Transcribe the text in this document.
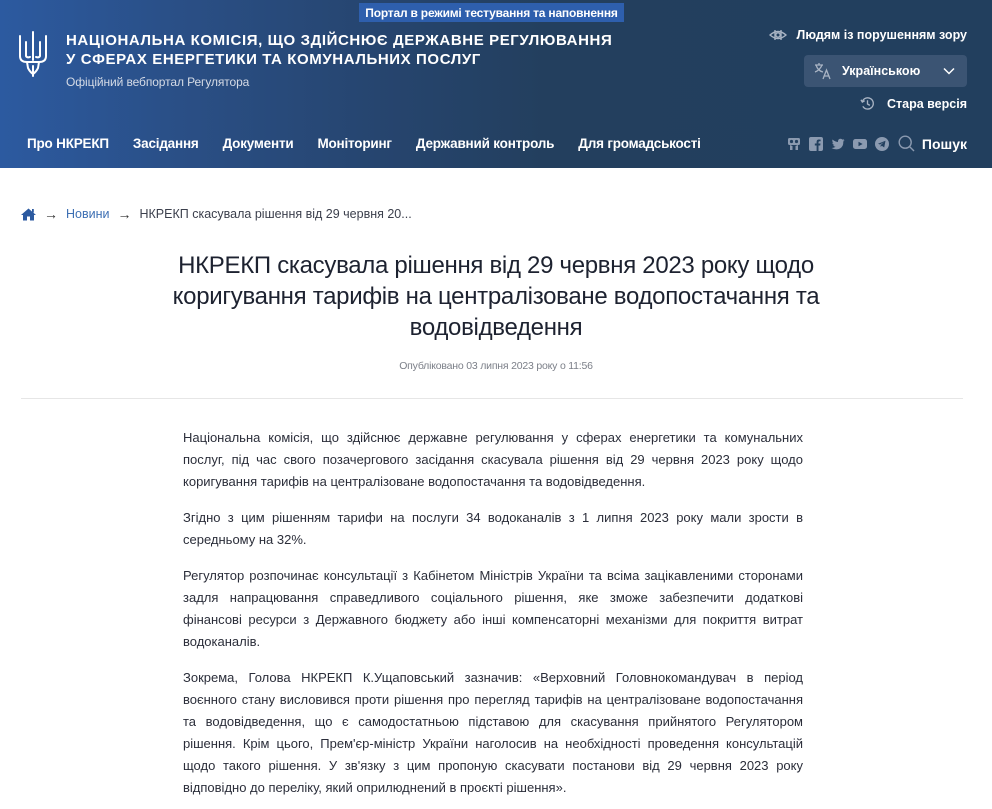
Портал в режимі тестування та наповнення
НАЦІОНАЛЬНА КОМІСІЯ, ЩО ЗДІЙСНЮЄ ДЕРЖАВНЕ РЕГУЛЮВАННЯ У СФЕРАХ ЕНЕРГЕТИКИ ТА КОМУНАЛЬНИХ ПОСЛУГ
Офіційний вебпортал Регулятора
Людям із порушенням зору
Українською
Стара версія
Про НКРЕКП Засідання Документи Моніторинг Державний контроль Для громадськості	Пошук
→ Новини → НКРЕКП скасувала рішення від 29 червня 20...
НКРЕКП скасувала рішення від 29 червня 2023 року щодо коригування тарифів на централізоване водопостачання та водовідведення
Опубліковано 03 липня 2023 року о 11:56

Національна комісія, що здійснює державне регулювання у сферах енергетики та комунальних послуг, під час свого позачергового засідання скасувала рішення від 29 червня 2023 року щодо коригування тарифів на централізоване водопостачання та водовідведення.

Згідно з цим рішенням тарифи на послуги 34 водоканалів з 1 липня 2023 року мали зрости в середньому на 32%.

Регулятор розпочинає консультації з Кабінетом Міністрів України та всіма зацікавленими сторонами задля напрацювання справедливого соціального рішення, яке зможе забезпечити додаткові фінансові ресурси з Державного бюджету або інші компенсаторні механізми для покриття витрат водоканалів.

Зокрема, Голова НКРЕКП К.Ущаповський зазначив: «Верховний Головнокомандувач в період воєнного стану висловився проти рішення про перегляд тарифів на централізоване водопостачання та водовідведення, що є самодостатньою підставою для скасування прийнятого Регулятором рішення. Крім цього, Прем'єр-міністр України наголосив на необхідності проведення консультацій щодо такого рішення. У зв'язку з цим пропоную скасувати постанови від 29 червня 2023 року відповідно до переліку, який оприлюднений в проєкті рішення».
